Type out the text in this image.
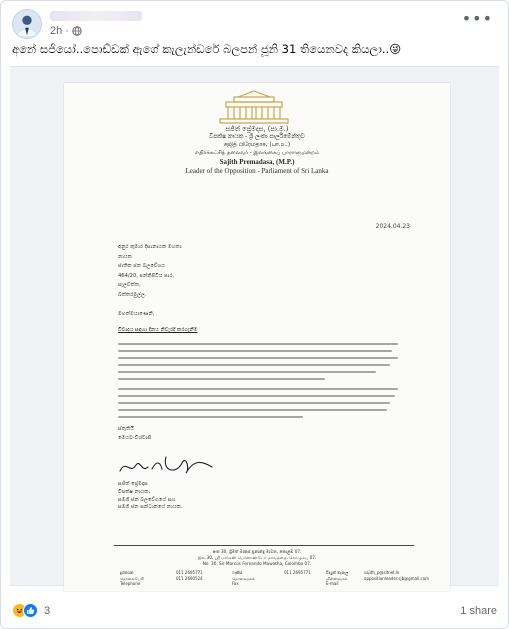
2h ·
•••
අනේ සජියෝ..පොඩ්ඩක් ඇගේ කැලැන්ඩරේ බලපන් ජූනි 31 තියෙනවද කියලා..😜
සජිත් ප්‍රේමදාස, (පා.ම.)
විපක්ෂ නායක - ශ්‍රී ලංකා පාර්ලිමේන්තුව
சஜித் பிரேமதாச, (பா.உ.)
எதிர்க்கட்சித் தலைவர் - இலங்கைப் பாராளுமன்றம்
Sajith Premadasa, (M.P.)
Leader of the Opposition - Parliament of Sri Lanka
2024.04.23
අනුර කුමාර දිසානායක මහතා
නායක
ජාතික ජන බලවේගය
464/20, පන්නිපිටිය පාර,
පැලවත්ත,
බත්තරමුල්ල.
මහත්මයාණෙනි,
විවාදය සඳහා දිනය නිවැරදි කරගැනීම
ස්තුතියි
මෙයට-විශ්වාසී
සජිත් ප්‍රේමදාස
විපක්ෂ නායක,
සමගි ජන බලවේගයේ සහ
සමගි ජන සන්ධානයේ නායක.
අංක 30, ශ්‍රීමත් මාකස් ප්‍රනාන්දු මාවත, කොළඹ 07.
இல.30, ஸ்ரீ மார்கஸ் பெர்னாண்டோ மாவத்தை, கொழும்பு 07.
No. 30, Sir Marcus Fernando Mawatha, Colombo 07.
දුරකථන
தொலைபேசி
Telephone
011 2695771
011 2690524
ෆැක්ස්
தொலைநகல்
Fax
011 2695771	විද්‍යුත් තැපෑල
மின்னஞ்சல்
E-mail
sajith_p@sltnet.lk
oppositionleader.sjb@gmail.com
3	1 share
